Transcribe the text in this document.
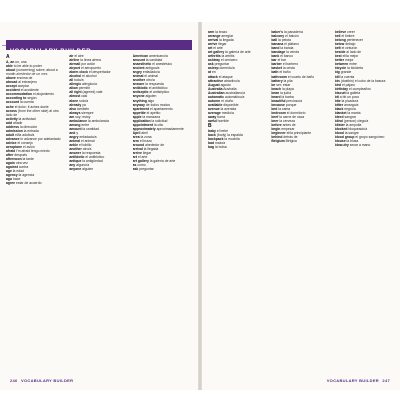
VOCABULARY BUILDER
A

A, an un, una

able to be able to poder

about (concerning) sobre; about a month alrededor de un mes

above encima de

abroad al extranjero

accept aceptar

accident el accidente

accommodation el alojamiento

according to según

account la cuenta

ache el dolor; it aches duele

across (from the other side) al otro lado de

activity la actividad

add añadir

address la dirección

admission la entrada

adult el/la adulto/a

advance in advance por adelantado

advice el consejo

aeroplane el avión

afraid I'm afraid tengo miedo

after después

afternoon la tarde

again otra vez

against contra

age la edad

agency la agencia

ago hace

agree estar de acuerdo

air el aire

airline la línea aérea

airmail por avión

airport el aeropuerto

alarm clock el despertador

alcohol el alcohol

all todo/a

allergic alérgico/a

allow permitir

all right (agreed) vale

almost casi

alone solo/a

already ya

also también

always siempre

am soy; estoy

ambulance la ambulancia

among entre

amount la cantidad

and y

angry enfadado/a

animal el animal

ankle el tobillo

another otro/a

answer la respuesta

antibiotic el antibiótico

antique la antigüedad

any alguno/a

anyone alguien

American americano/a

amount la cantidad

anaesthetic el anestésico

ancient antiguo/a

angry enfadado/a

animal el animal

another otro/a

answer la respuesta

antibiotic el antibiótico

antiseptic el antiséptico

anyone alguien

anything algo

anyway de todos modos

apartment el apartamento

appetite el apetito

apple la manzana

application la solicitud

appointment la cita

approximately aproximadamente

April abril

area la zona

arm el brazo

around alrededor de

arrival la llegada

arrive llegar

art el arte

art gallery la galería de arte

as como

ask preguntar

246 VOCABULARY BUILDER

arm la brazo

arrange arreglar

arrival la llegada

arrive llegar

art el arte

art gallery la galería de arte

arthritis la artritis

ashtray el cenicero

ask preguntar

asleep dormido/a

at en

attack el ataque

attractive atractivo/a

August agosto

Australia Australia

Australian australiano/a

automatic automático/a

autumn el otoño

available disponible

avenue la avenida

average medio/a

away fuera

awful horrible

B

baby el bebé

back (body) la espalda

backpack la mochila

bad malo/a

bag la bolsa

baker's la panadería

balcony el balcón

ball la pelota

banana el plátano

band la banda

bandage la venda

bank el banco

bar el bar

barber el barbero

basket la cesta

bath el baño

bathroom el cuarto de baño

battery la pila

be ser; estar

beach la playa

bean la judía

beard la barba

beautiful precioso/a

because porque

bed la cama

bedroom el dormitorio

beef la carne de vaca

beer la cerveza

before antes de

begin empezar

beginner el/la principiante

behind detrás de

Belgium Bélgica

believe creer

bell el timbre

belong pertenecer

below debajo

belt el cinturón

beside al lado de

best el/la mejor

better mejor

between entre

bicycle la bicicleta

big grande

bill la cuenta

bin (dustbin) el cubo de la basura

bird el pájaro

birthday el cumpleaños

biscuit la galleta

bit a bit un poco

bite la picadura

bitter amargo/a

black negro/a

blanket la manta

bleed sangrar

blind (person) ciego/a

blister la ampolla

blocked bloqueado/a

blood la sangre

blood group el grupo sanguíneo

blouse la blusa

blow-dry secar a mano

VOCABULARY BUILDER 247
